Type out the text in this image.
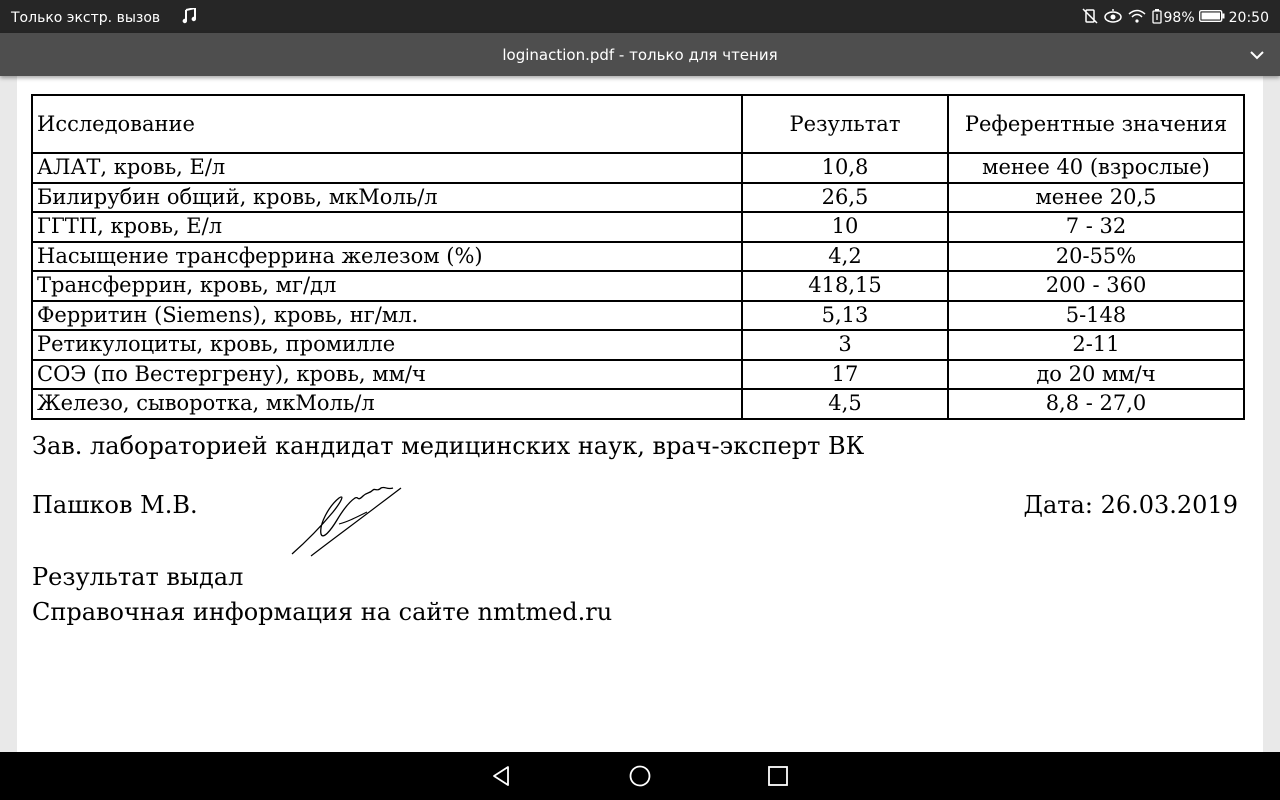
Только экстр. вызов	98% 20:50
loginaction.pdf - только для чтения
Исследование	Результат	Референтные значения
АЛАТ, кровь, Е/л	10,8	менее 40 (взрослые)
Билирубин общий, кровь, мкМоль/л	26,5	менее 20,5
ГГТП, кровь, Е/л	10	7 - 32
Насыщение трансферрина железом (%)	4,2	20-55%
Трансферрин, кровь, мг/дл	418,15	200 - 360
Ферритин (Siemens), кровь, нг/мл.	5,13	5-148
Ретикулоциты, кровь, промилле	3	2-11
СОЭ (по Вестергрену), кровь, мм/ч	17	до 20 мм/ч
Железо, сыворотка, мкМоль/л	4,5	8,8 - 27,0
Зав. лабораторией кандидат медицинских наук, врач-эксперт ВК
Пашков М.В.	Дата: 26.03.2019
Результат выдал
Справочная информация на сайте nmtmed.ru
